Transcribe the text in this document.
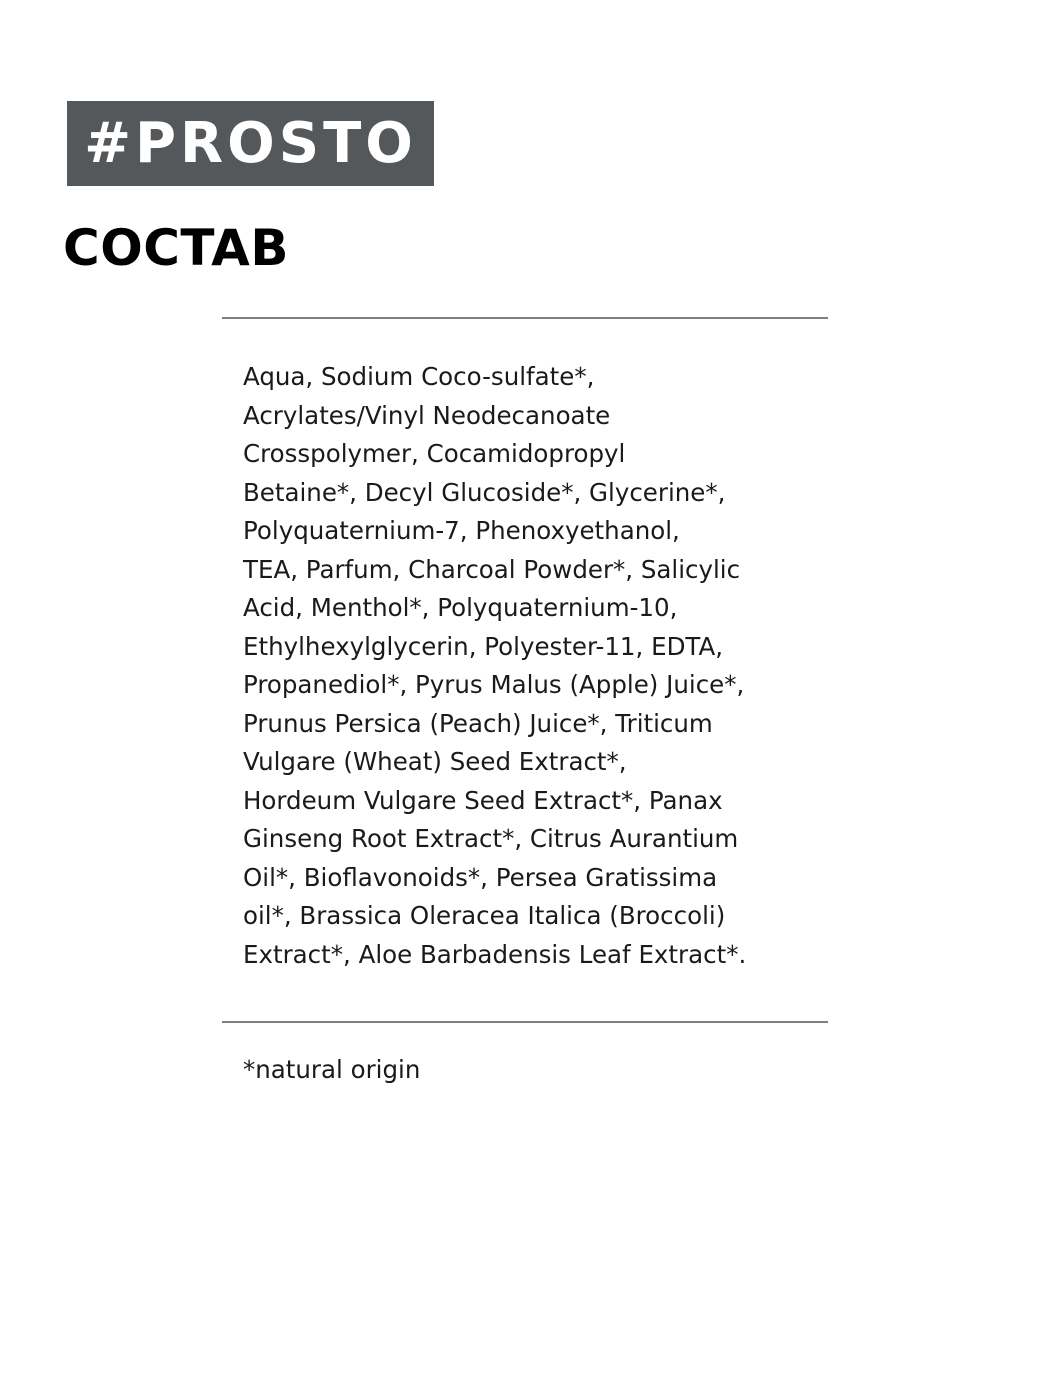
#PROSTO
COCTAB

Aqua, Sodium Coco-sulfate*,
Acrylates/Vinyl Neodecanoate
Crosspolymer, Cocamidopropyl
Betaine*, Decyl Glucoside*, Glycerine*,
Polyquaternium-7, Phenoxyethanol,
TEA, Parfum, Charcoal Powder*, Salicylic
Acid, Menthol*, Polyquaternium-10,
Ethylhexylglycerin, Polyester-11, EDTA,
Propanediol*, Pyrus Malus (Apple) Juice*,
Prunus Persica (Peach) Juice*, Triticum
Vulgare (Wheat) Seed Extract*,
Hordeum Vulgare Seed Extract*, Panax
Ginseng Root Extract*, Citrus Aurantium
Oil*, Bioflavonoids*, Persea Gratissima
oil*, Brassica Oleracea Italica (Broccoli)
Extract*, Aloe Barbadensis Leaf Extract*.

*natural origin
